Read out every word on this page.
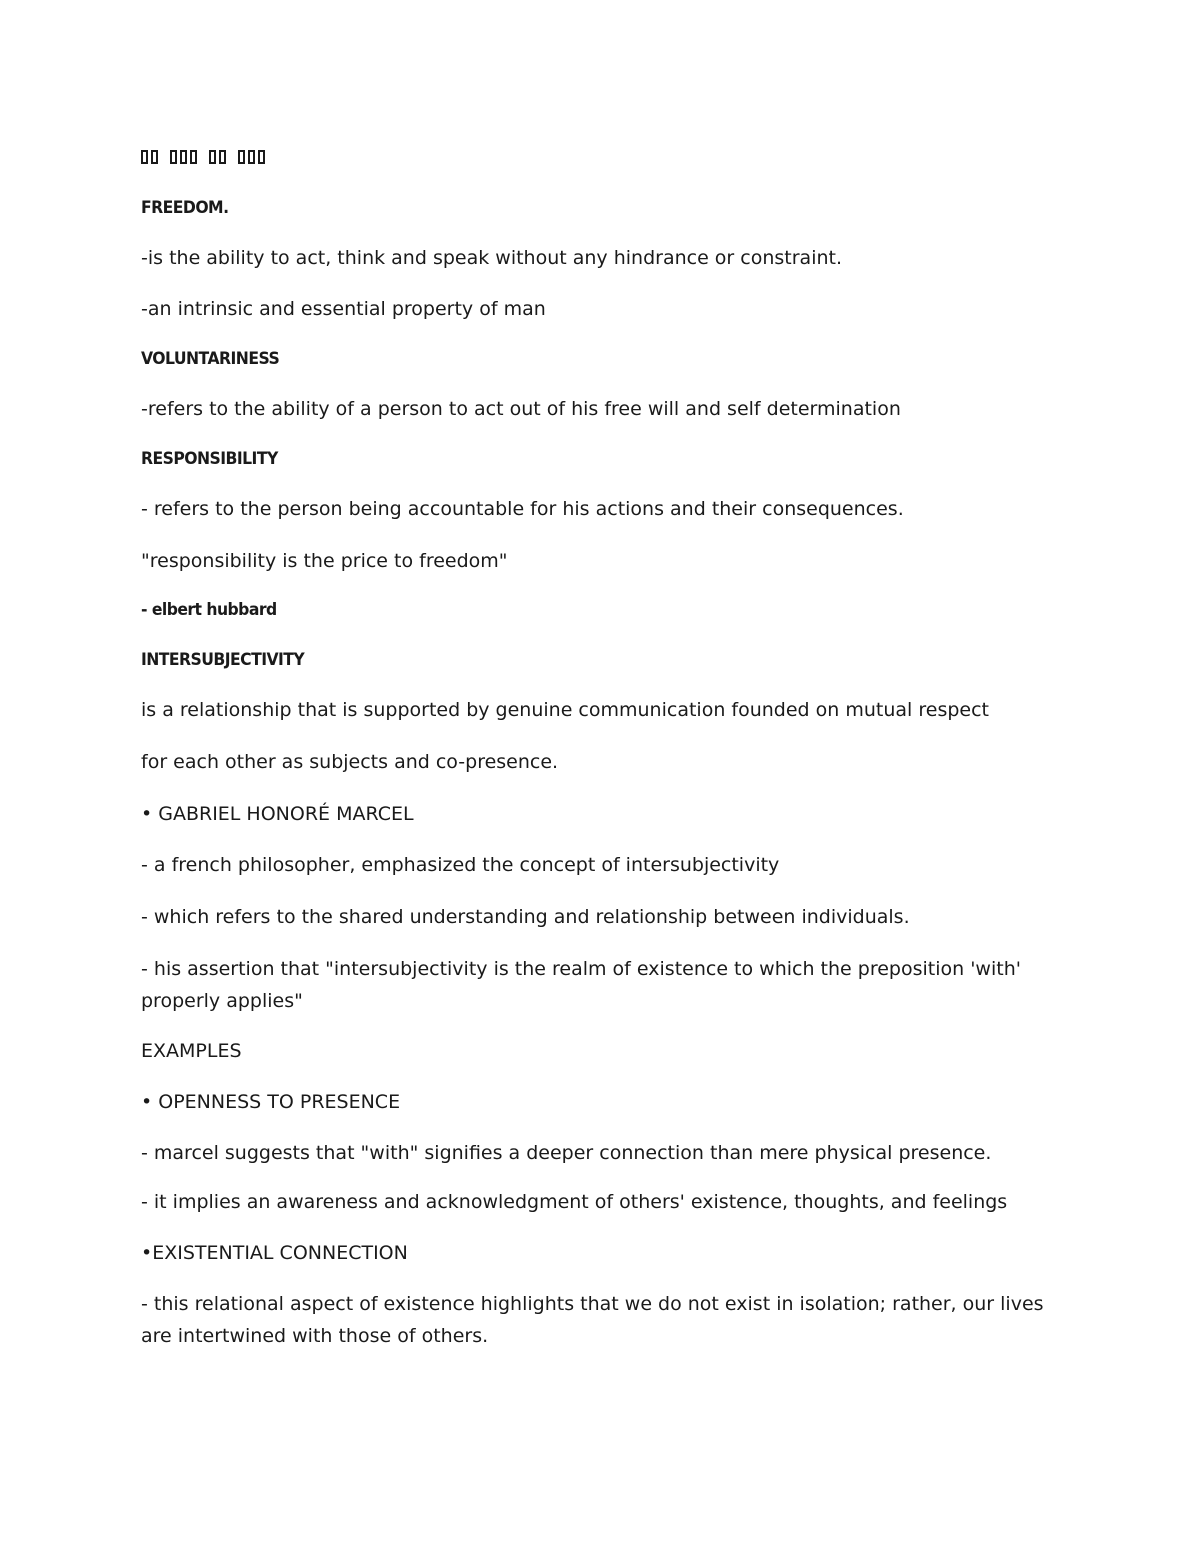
FREEDOM.
-is the ability to act, think and speak without any hindrance or constraint.
-an intrinsic and essential property of man
VOLUNTARINESS
-refers to the ability of a person to act out of his free will and self determination
RESPONSIBILITY
- refers to the person being accountable for his actions and their consequences.
"responsibility is the price to freedom"
- elbert hubbard
INTERSUBJECTIVITY
is a relationship that is supported by genuine communication founded on mutual respect
for each other as subjects and co-presence.
• GABRIEL HONORÉ MARCEL
- a french philosopher, emphasized the concept of intersubjectivity
- which refers to the shared understanding and relationship between individuals.
- his assertion that "intersubjectivity is the realm of existence to which the preposition 'with' properly applies"
EXAMPLES
• OPENNESS TO PRESENCE
- marcel suggests that "with" signifies a deeper connection than mere physical presence.
- it implies an awareness and acknowledgment of others' existence, thoughts, and feelings
•EXISTENTIAL CONNECTION
- this relational aspect of existence highlights that we do not exist in isolation; rather, our lives are intertwined with those of others.
